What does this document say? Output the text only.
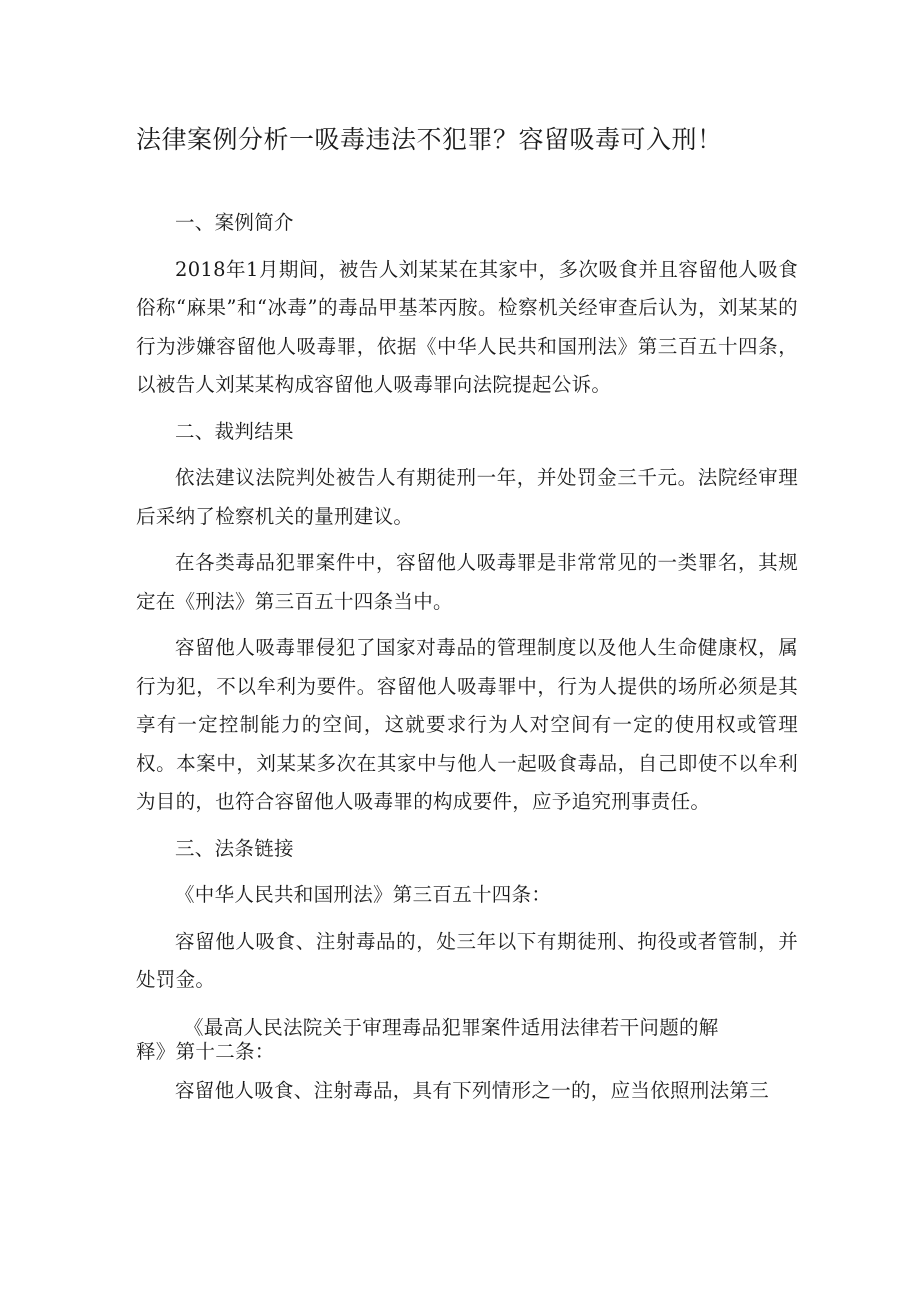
法律案例分析一吸毒违法不犯罪？容留吸毒可入刑！

一、案例简介

2018年1月期间，被告人刘某某在其家中，多次吸食并且容留他人吸食俗称“麻果”和“冰毒”的毒品甲基苯丙胺。检察机关经审查后认为，刘某某的行为涉嫌容留他人吸毒罪，依据《中华人民共和国刑法》第三百五十四条，以被告人刘某某构成容留他人吸毒罪向法院提起公诉。

二、裁判结果

依法建议法院判处被告人有期徒刑一年，并处罚金三千元。法院经审理后采纳了检察机关的量刑建议。

在各类毒品犯罪案件中，容留他人吸毒罪是非常常见的一类罪名，其规定在《刑法》第三百五十四条当中。

容留他人吸毒罪侵犯了国家对毒品的管理制度以及他人生命健康权，属行为犯，不以牟利为要件。容留他人吸毒罪中，行为人提供的场所必须是其享有一定控制能力的空间，这就要求行为人对空间有一定的使用权或管理权。本案中，刘某某多次在其家中与他人一起吸食毒品，自己即使不以牟利为目的，也符合容留他人吸毒罪的构成要件，应予追究刑事责任。

三、法条链接

《中华人民共和国刑法》第三百五十四条：

容留他人吸食、注射毒品的，处三年以下有期徒刑、拘役或者管制，并处罚金。

《最高人民法院关于审理毒品犯罪案件适用法律若干问题的解释》第十二条：

容留他人吸食、注射毒品，具有下列情形之一的，应当依照刑法第三
